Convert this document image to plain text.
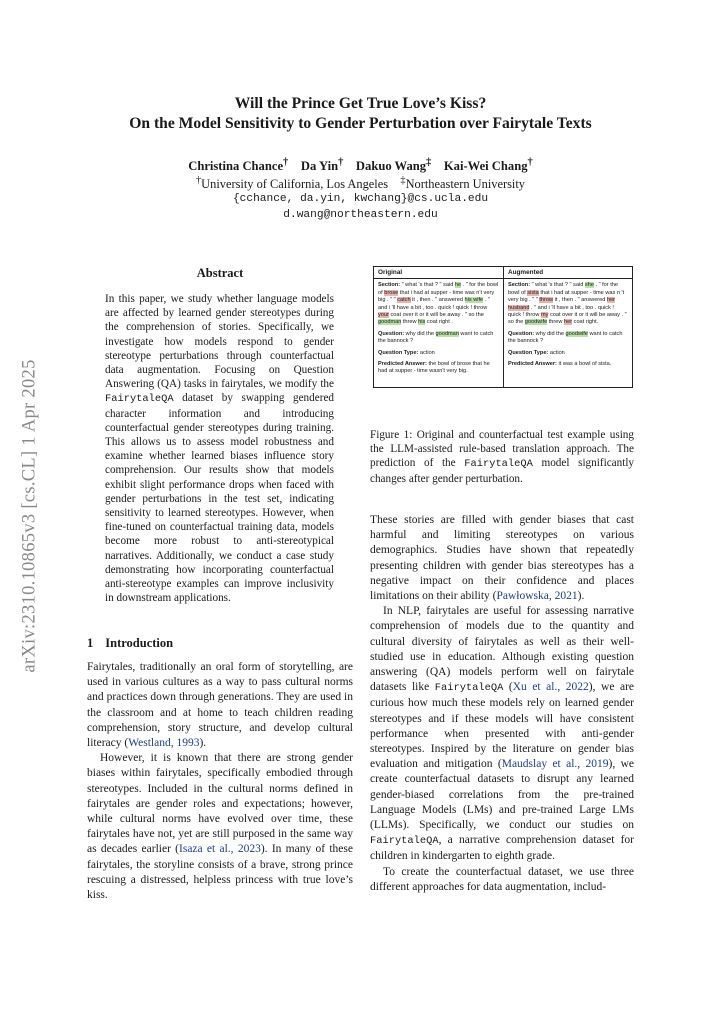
arXiv:2310.10865v3 [cs.CL] 1 Apr 2025
Will the Prince Get True Love’s Kiss?
On the Model Sensitivity to Gender Perturbation over Fairytale Texts
Christina Chance† Da Yin† Dakuo Wang‡ Kai-Wei Chang†
†University of California, Los Angeles ‡Northeastern University
{cchance, da.yin, kwchang}@cs.ucla.edu
d.wang@northeastern.edu
Abstract
In this paper, we study whether language models are affected by learned gender stereotypes during the comprehension of stories. Specifically, we investigate how models respond to gender stereotype perturbations through counterfactual data augmentation. Focusing on Question Answering (QA) tasks in fairytales, we modify the FairytaleQA dataset by swapping gendered character information and introducing counterfactual gender stereotypes during training. This allows us to assess model robustness and examine whether learned biases influence story comprehension. Our results show that models exhibit slight performance drops when faced with gender perturbations in the test set, indicating sensitivity to learned stereotypes. However, when fine-tuned on counterfactual training data, models become more robust to anti-stereotypical narratives. Additionally, we conduct a case study demonstrating how incorporating counterfactual anti-stereotype examples can improve inclusivity in downstream applications.
Original
Section: " what 's that ? " said he . " for the bowl of brose that i had at supper - time was n't very big . " " catch it , then . " answered his wife . " and i 'll have a bit , too . quick ! quick ! throw your coat over it or it will be away . " so the goodman threw his coat right .
Question: why did the goodman want to catch the bannock ?
Question Type: action
Predicted Answer: the bowl of brose that he had at supper - time wasn't very big.
Augmented
Section: " what 's that ? " said she . " for the bowl of sista that i had at supper - time was n 't very big . " " throw it , then . " answered her husband . " and i 'll have a bit , too . quick ! quick ! throw my coat over it or it will be away . " so the goodwife threw her coat right.
Question: why did the goodwife want to catch the bannock ?
Question Type: action
Predicted Answer: it was a bowl of sista.
Figure 1: Original and counterfactual test example using the LLM-assisted rule-based translation approach. The prediction of the FairytaleQA model significantly changes after gender perturbation.
1 Introduction

Fairytales, traditionally an oral form of storytelling, are used in various cultures as a way to pass cultural norms and practices down through generations. They are used in the classroom and at home to teach children reading comprehension, story structure, and develop cultural literacy (Westland, 1993).

However, it is known that there are strong gender biases within fairytales, specifically embodied through stereotypes. Included in the cultural norms defined in fairytales are gender roles and expectations; however, while cultural norms have evolved over time, these fairytales have not, yet are still purposed in the same way as decades earlier (Isaza et al., 2023). In many of these fairytales, the storyline consists of a brave, strong prince rescuing a distressed, helpless princess with true love’s kiss.

These stories are filled with gender biases that cast harmful and limiting stereotypes on various demographics. Studies have shown that repeatedly presenting children with gender bias stereotypes has a negative impact on their confidence and places limitations on their ability (Pawłowska, 2021).

In NLP, fairytales are useful for assessing narrative comprehension of models due to the quantity and cultural diversity of fairytales as well as their well-studied use in education. Although existing question answering (QA) models perform well on fairytale datasets like FairytaleQA (Xu et al., 2022), we are curious how much these models rely on learned gender stereotypes and if these models will have consistent performance when presented with anti-gender stereotypes. Inspired by the literature on gender bias evaluation and mitigation (Maudslay et al., 2019), we create counterfactual datasets to disrupt any learned gender-biased correlations from the pre-trained Language Models (LMs) and pre-trained Large LMs (LLMs). Specifically, we conduct our studies on FairytaleQA, a narrative comprehension dataset for children in kindergarten to eighth grade.

To create the counterfactual dataset, we use three different approaches for data augmentation, includ-
